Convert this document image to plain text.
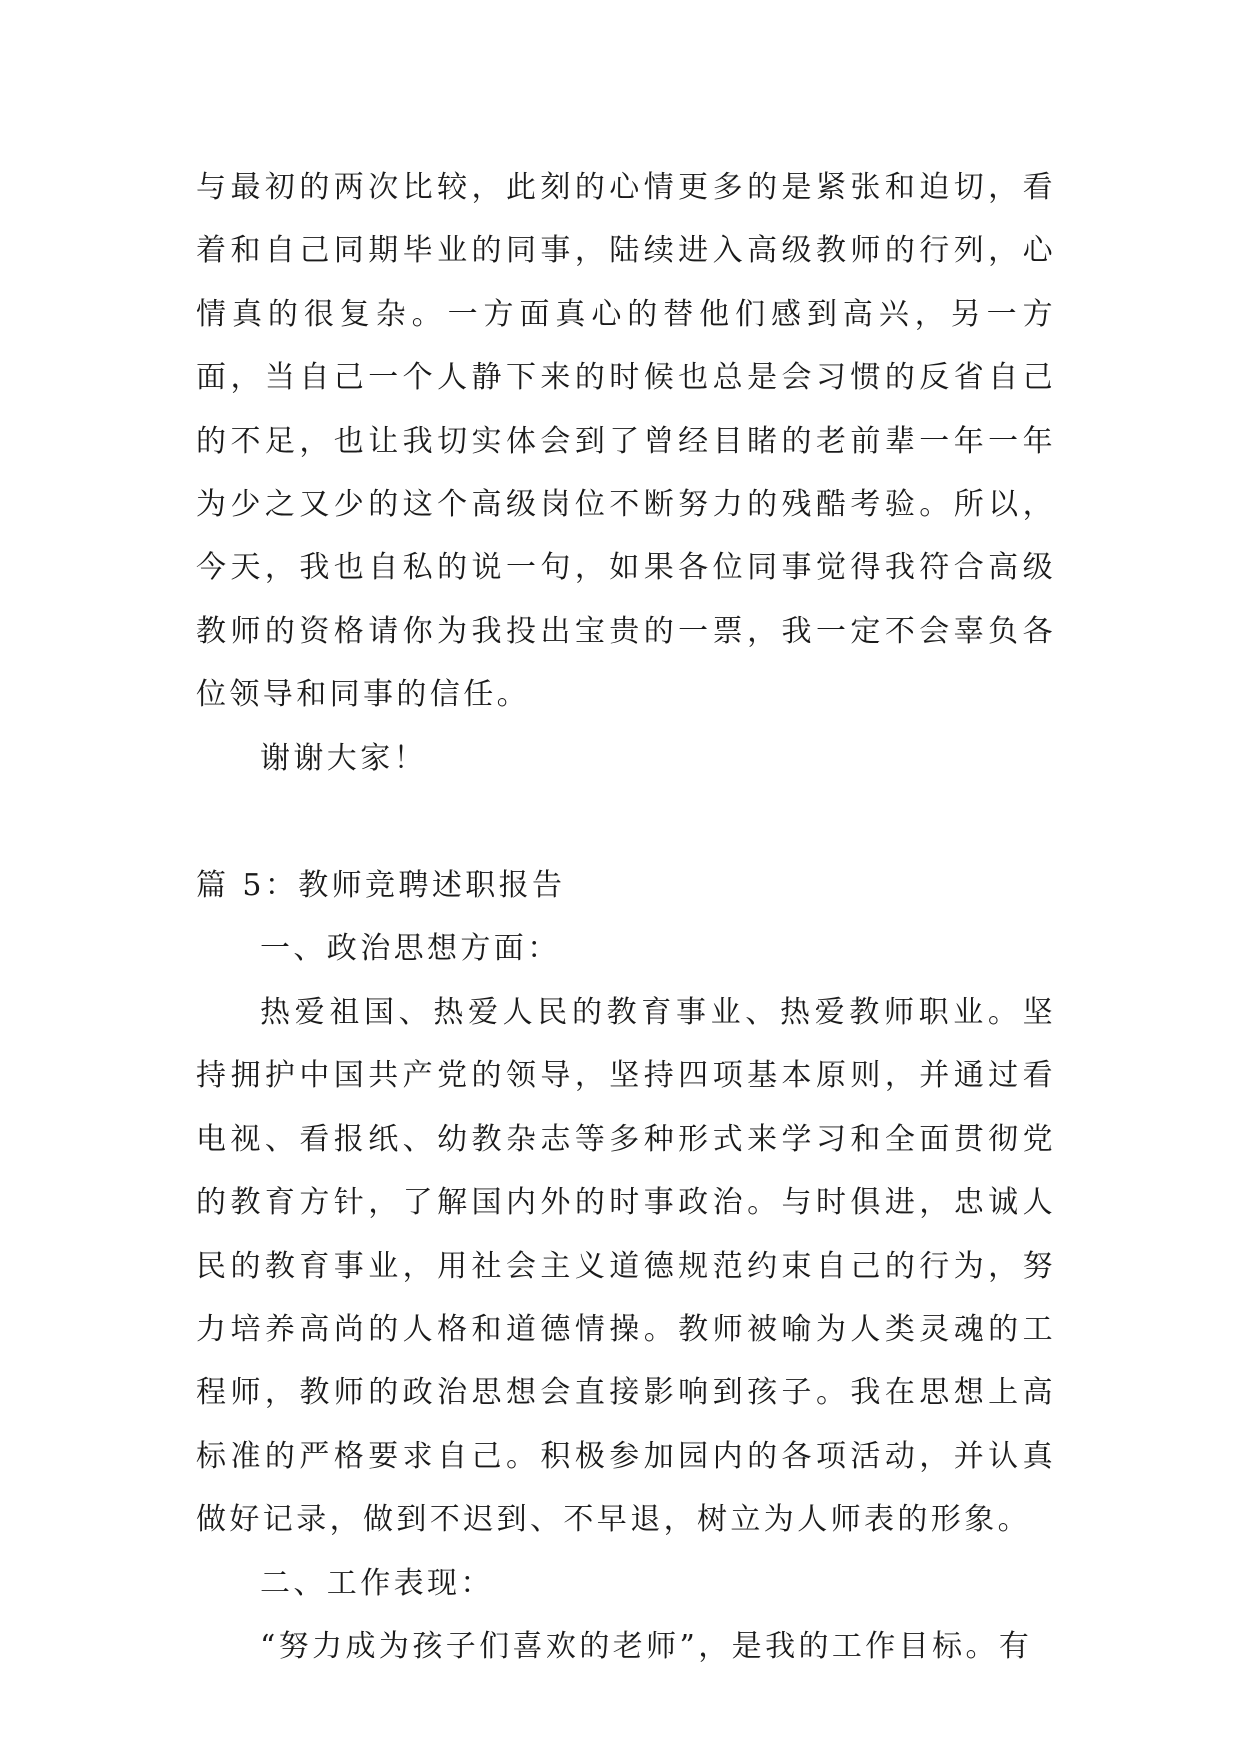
与最初的两次比较，此刻的心情更多的是紧张和迫切，看着和自己同期毕业的同事，陆续进入高级教师的行列，心情真的很复杂。一方面真心的替他们感到高兴，另一方面，当自己一个人静下来的时候也总是会习惯的反省自己的不足，也让我切实体会到了曾经目睹的老前辈一年一年为少之又少的这个高级岗位不断努力的残酷考验。所以，今天，我也自私的说一句，如果各位同事觉得我符合高级教师的资格请你为我投出宝贵的一票，我一定不会辜负各位领导和同事的信任。

谢谢大家！

篇 5：教师竞聘述职报告

一、政治思想方面：

热爱祖国、热爱人民的教育事业、热爱教师职业。坚持拥护中国共产党的领导，坚持四项基本原则，并通过看电视、看报纸、幼教杂志等多种形式来学习和全面贯彻党的教育方针，了解国内外的时事政治。与时俱进，忠诚人民的教育事业，用社会主义道德规范约束自己的行为，努力培养高尚的人格和道德情操。教师被喻为人类灵魂的工程师，教师的政治思想会直接影响到孩子。我在思想上高标准的严格要求自己。积极参加园内的各项活动，并认真做好记录，做到不迟到、不早退，树立为人师表的形象。

二、工作表现：

“努力成为孩子们喜欢的老师”，是我的工作目标。有
